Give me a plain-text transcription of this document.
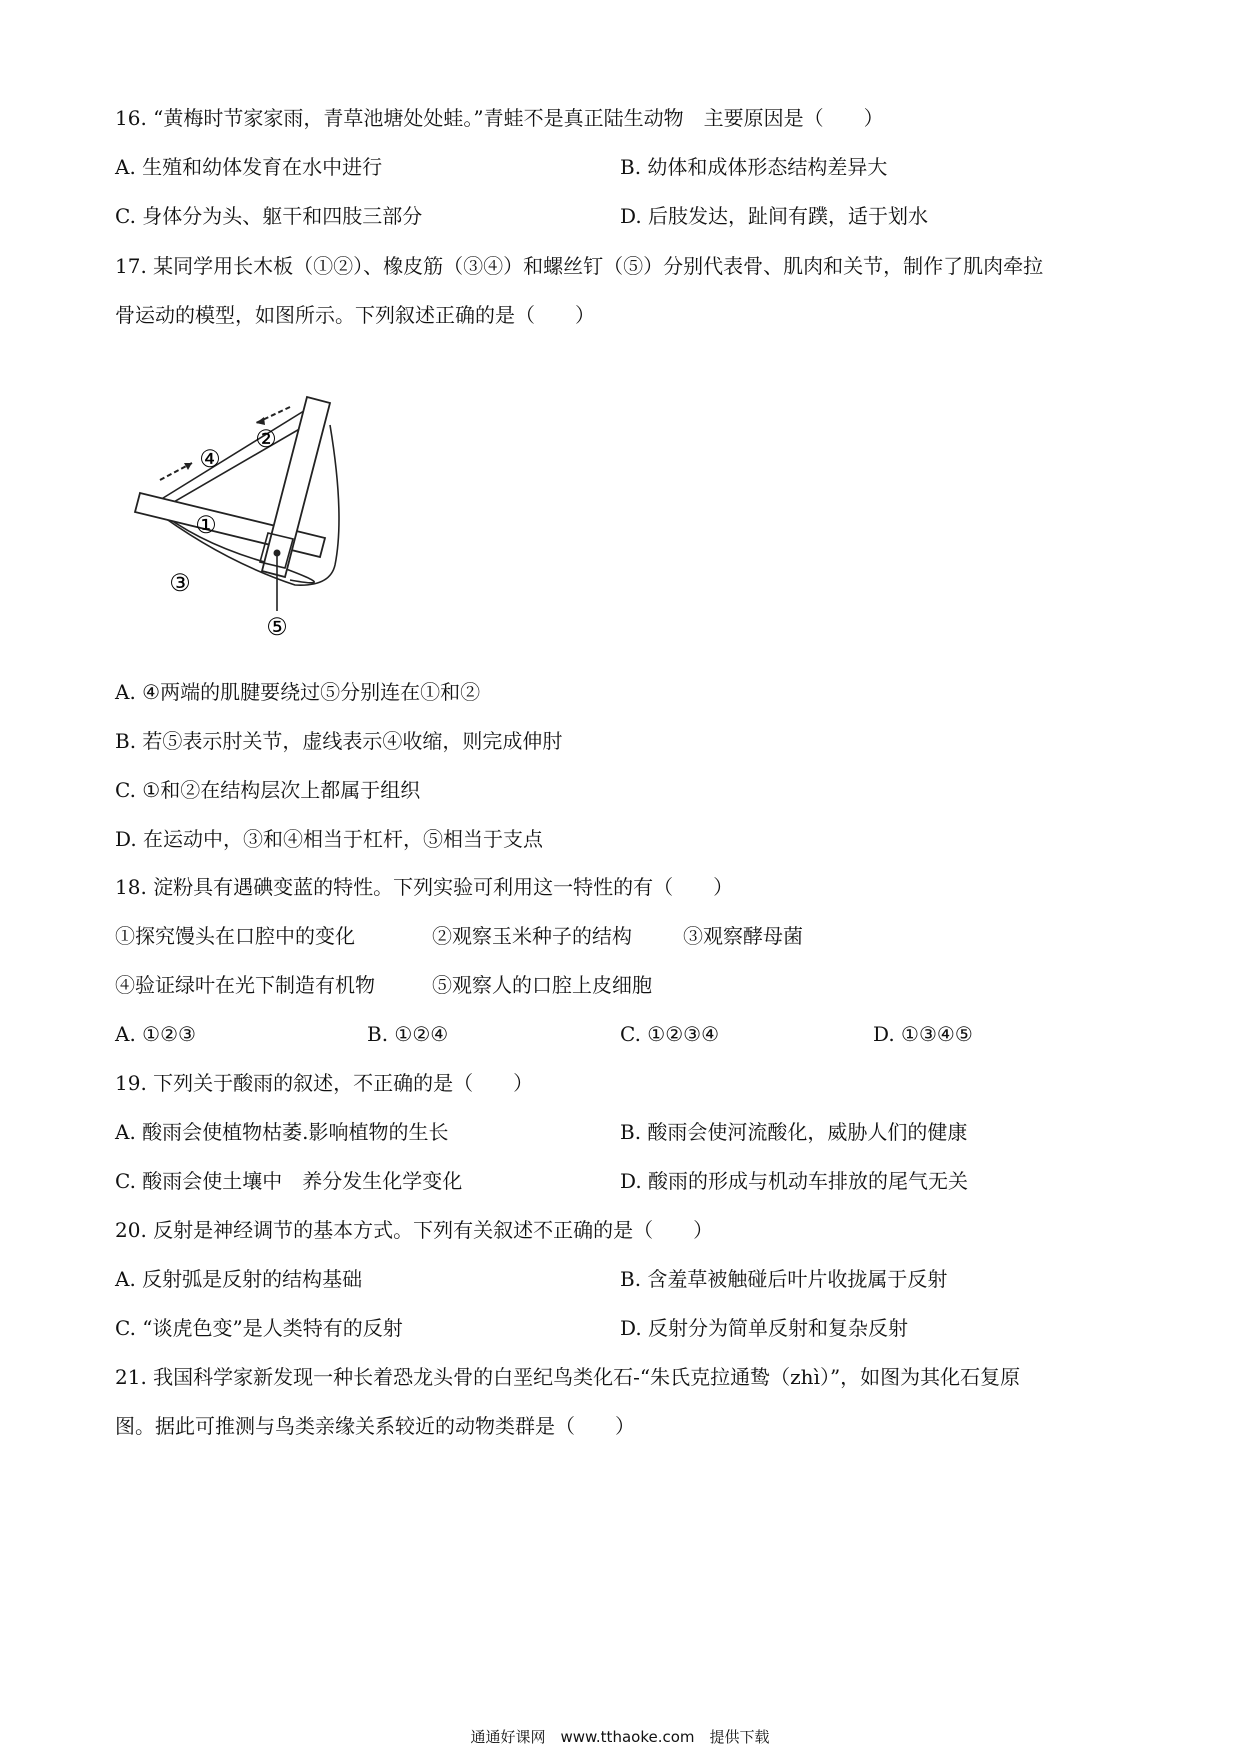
16. “黄梅时节家家雨，青草池塘处处蛙。”青蛙不是真正陆生动物　主要原因是（　　）
A. 生殖和幼体发育在水中进行	B. 幼体和成体形态结构差异大
C. 身体分为头、躯干和四肢三部分	D. 后肢发达，趾间有蹼，适于划水
17. 某同学用长木板（①②）、橡皮筋（③④）和螺丝钉（⑤）分别代表骨、肌肉和关节，制作了肌肉牵拉
骨运动的模型，如图所示。下列叙述正确的是（　　）
④
②
①
③
⑤
A. ④两端的肌腱要绕过⑤分别连在①和②
B. 若⑤表示肘关节，虚线表示④收缩，则完成伸肘
C. ①和②在结构层次上都属于组织
D. 在运动中，③和④相当于杠杆，⑤相当于支点
18. 淀粉具有遇碘变蓝的特性。下列实验可利用这一特性的有（　　）
①探究馒头在口腔中的变化	②观察玉米种子的结构	③观察酵母菌
④验证绿叶在光下制造有机物	⑤观察人的口腔上皮细胞
A. ①②③	B. ①②④	C. ①②③④	D. ①③④⑤
19. 下列关于酸雨的叙述，不正确的是（　　）
A. 酸雨会使植物枯萎.影响植物的生长	B. 酸雨会使河流酸化，威胁人们的健康
C. 酸雨会使土壤中　养分发生化学变化	D. 酸雨的形成与机动车排放的尾气无关
20. 反射是神经调节的基本方式。下列有关叙述不正确的是（　　）
A. 反射弧是反射的结构基础	B. 含羞草被触碰后叶片收拢属于反射
C. “谈虎色变”是人类特有的反射	D. 反射分为简单反射和复杂反射
21. 我国科学家新发现一种长着恐龙头骨的白垩纪鸟类化石-“朱氏克拉通鸷（zhì）”，如图为其化石复原
图。据此可推测与鸟类亲缘关系较近的动物类群是（　　）
通通好课网　www.tthaoke.com　提供下载
